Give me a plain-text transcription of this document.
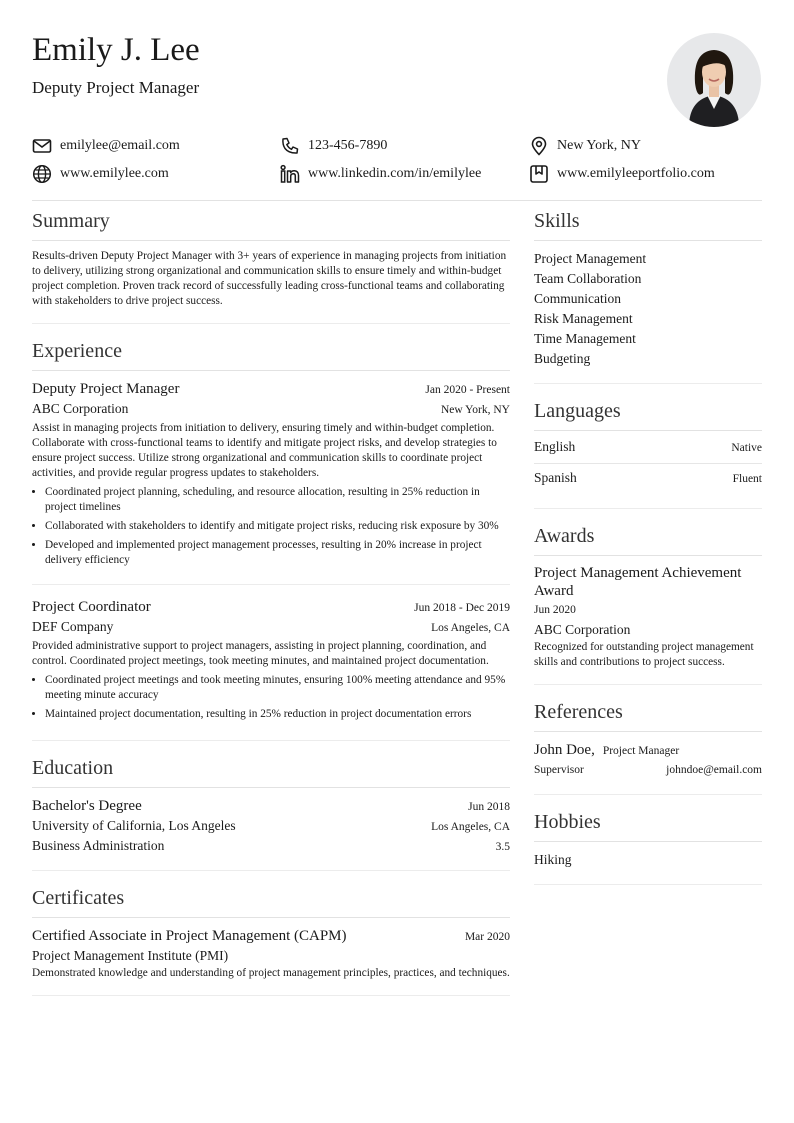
Emily J. Lee
Deputy Project Manager
emilylee@email.com	123-456-7890	New York, NY
www.emilylee.com	www.linkedin.com/in/emilylee	www.emilyleeportfolio.com
Summary
Results-driven Deputy Project Manager with 3+ years of experience in managing projects from initiation to delivery, utilizing strong organizational and communication skills to ensure timely and within-budget project completion. Proven track record of successfully leading cross-functional teams and collaborating with stakeholders to drive project success.
Experience
Deputy Project Manager	Jan 2020 - Present
ABC Corporation	New York, NY
Assist in managing projects from initiation to delivery, ensuring timely and within-budget completion. Collaborate with cross-functional teams to identify and mitigate project risks, and develop strategies to ensure project success. Utilize strong organizational and communication skills to coordinate project activities, and provide regular progress updates to stakeholders.
• Coordinated project planning, scheduling, and resource allocation, resulting in 25% reduction in project timelines
• Collaborated with stakeholders to identify and mitigate project risks, reducing risk exposure by 30%
• Developed and implemented project management processes, resulting in 20% increase in project delivery efficiency
Project Coordinator	Jun 2018 - Dec 2019
DEF Company	Los Angeles, CA
Provided administrative support to project managers, assisting in project planning, coordination, and control. Coordinated project meetings, took meeting minutes, and maintained project documentation.
• Coordinated project meetings and took meeting minutes, ensuring 100% meeting attendance and 95% meeting minute accuracy
• Maintained project documentation, resulting in 25% reduction in project documentation errors
Education
Bachelor's Degree	Jun 2018
University of California, Los Angeles	Los Angeles, CA
Business Administration	3.5
Certificates
Certified Associate in Project Management (CAPM)	Mar 2020
Project Management Institute (PMI)
Demonstrated knowledge and understanding of project management principles, practices, and techniques.
Skills
Project Management
Team Collaboration
Communication
Risk Management
Time Management
Budgeting
Languages
English	Native
Spanish	Fluent
Awards
Project Management Achievement Award
Jun 2020
ABC Corporation
Recognized for outstanding project management skills and contributions to project success.
References
John Doe, Project Manager
Supervisor	johndoe@email.com
Hobbies
Hiking
